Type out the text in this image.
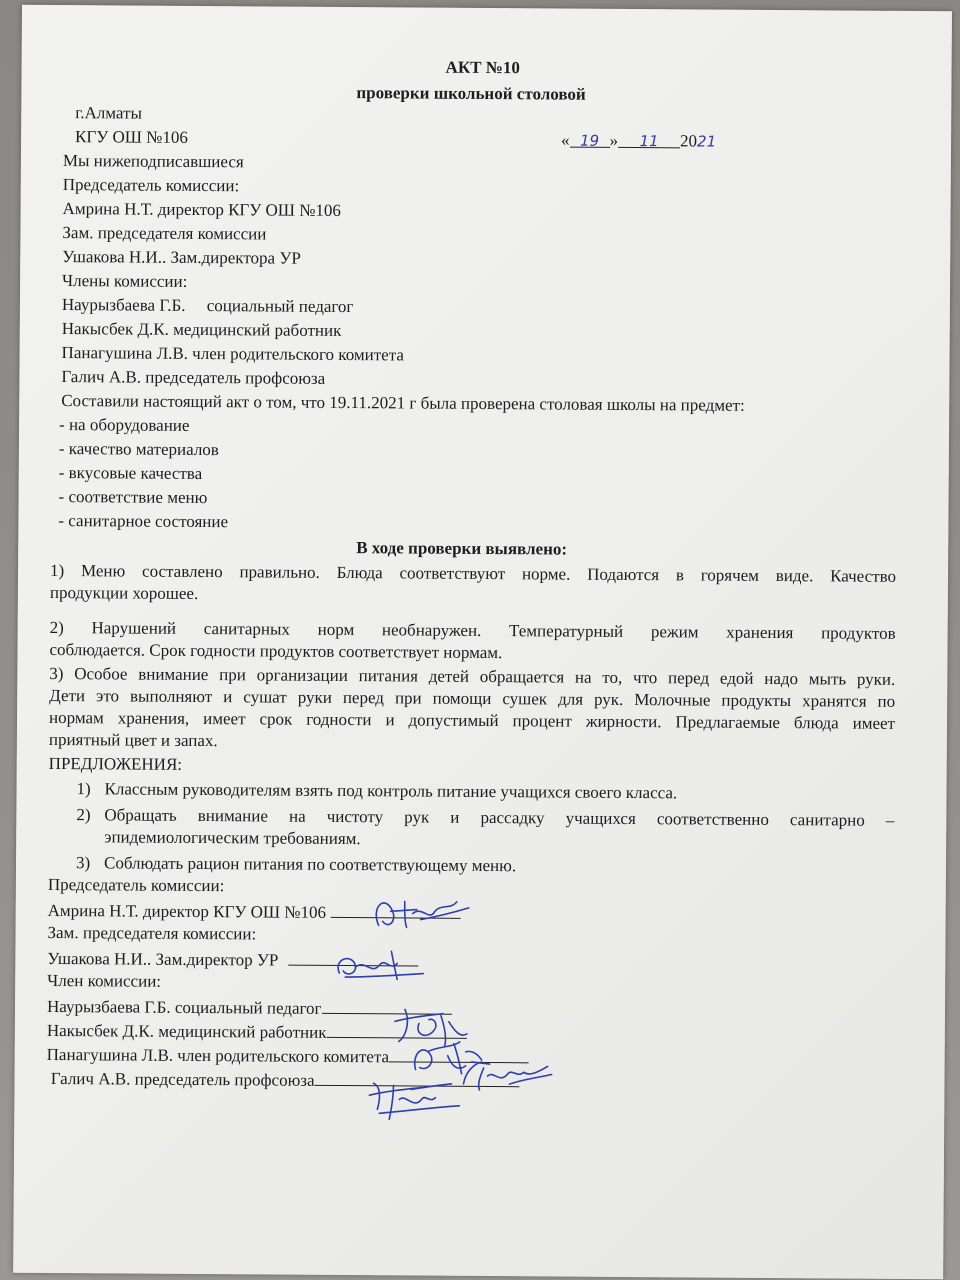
АКТ №10
проверки школьной столовой
г.Алматы
КГУ ОШ №106	« 19 » 11 2021
Мы нижеподписавшиеся
Председатель комиссии:
Амрина Н.Т. директор КГУ ОШ №106
Зам. председателя комиссии
Ушакова Н.И.. Зам.директора УР
Члены комиссии:
Наурызбаева Г.Б.     социальный педагог
Накысбек Д.К. медицинский работник
Панагушина Л.В. член родительского комитета
Галич А.В. председатель профсоюза
Составили настоящий акт о том, что 19.11.2021 г была проверена столовая школы на предмет:
- на оборудование
- качество материалов
- вкусовые качества
- соответствие меню
- санитарное состояние
В ходе проверки выявлено:
1) Меню составлено правильно. Блюда соответствуют норме. Подаются в горячем виде. Качество
продукции хорошее.
2) Нарушений санитарных норм необнаружен. Температурный режим хранения продуктов
соблюдается. Срок годности продуктов соответствует нормам.
3) Особое внимание при организации питания детей обращается на то, что перед едой надо мыть руки.
Дети это выполняют и сушат руки перед при помощи сушек для рук. Молочные продукты хранятся по
нормам хранения, имеет срок годности и допустимый процент жирности. Предлагаемые блюда имеет
приятный цвет и запах.
ПРЕДЛОЖЕНИЯ:
1) Классным руководителям взять под контроль питание учащихся своего класса.
2) Обращать внимание на чистоту рук и рассадку учащихся соответственно санитарно –
эпидемиологическим требованиям.
3) Соблюдать рацион питания по соответствующему меню.
Председатель комиссии:
Амрина Н.Т. директор КГУ ОШ №106
Зам. председателя комиссии:
Ушакова Н.И.. Зам.директор УР
Член комиссии:
Наурызбаева Г.Б. социальный педагог
Накысбек Д.К. медицинский работник
Панагушина Л.В. член родительского комитета
Галич А.В. председатель профсоюза
